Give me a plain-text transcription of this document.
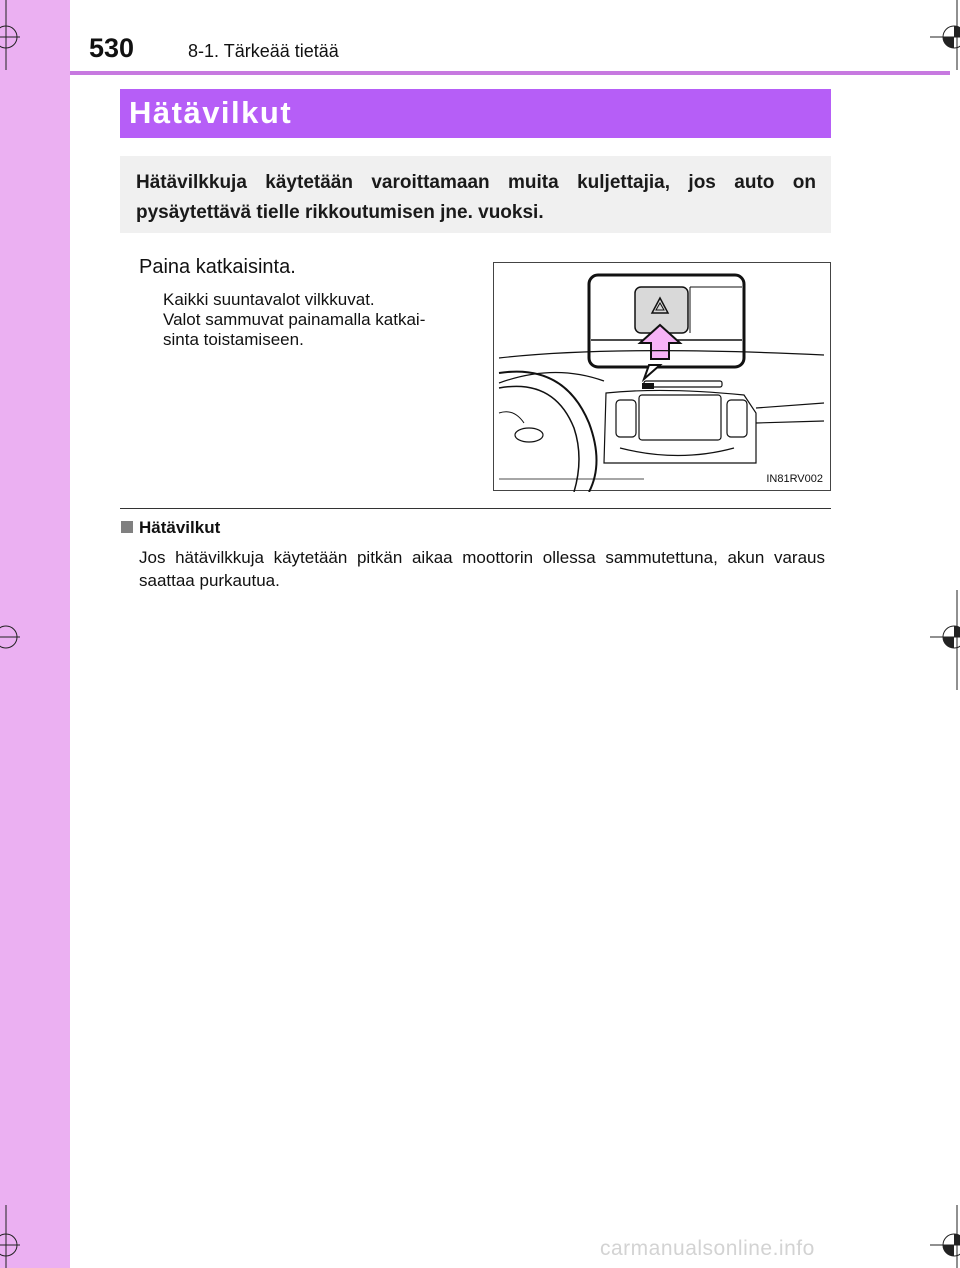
530	8-1. Tärkeää tietää
Hätävilkut

Hätävilkkuja käytetään varoittamaan muita kuljettajia, jos auto on pysäytettävä tielle rikkoutumisen jne. vuoksi.

Paina katkaisinta.
Kaikki suuntavalot vilkkuvat.
Valot sammuvat painamalla katkai-
sinta toistamiseen.
IN81RV002
Hätävilkut

Jos hätävilkkuja käytetään pitkän aikaa moottorin ollessa sammutettuna, akun varaus saattaa purkautua.

carmanualsonline.info
